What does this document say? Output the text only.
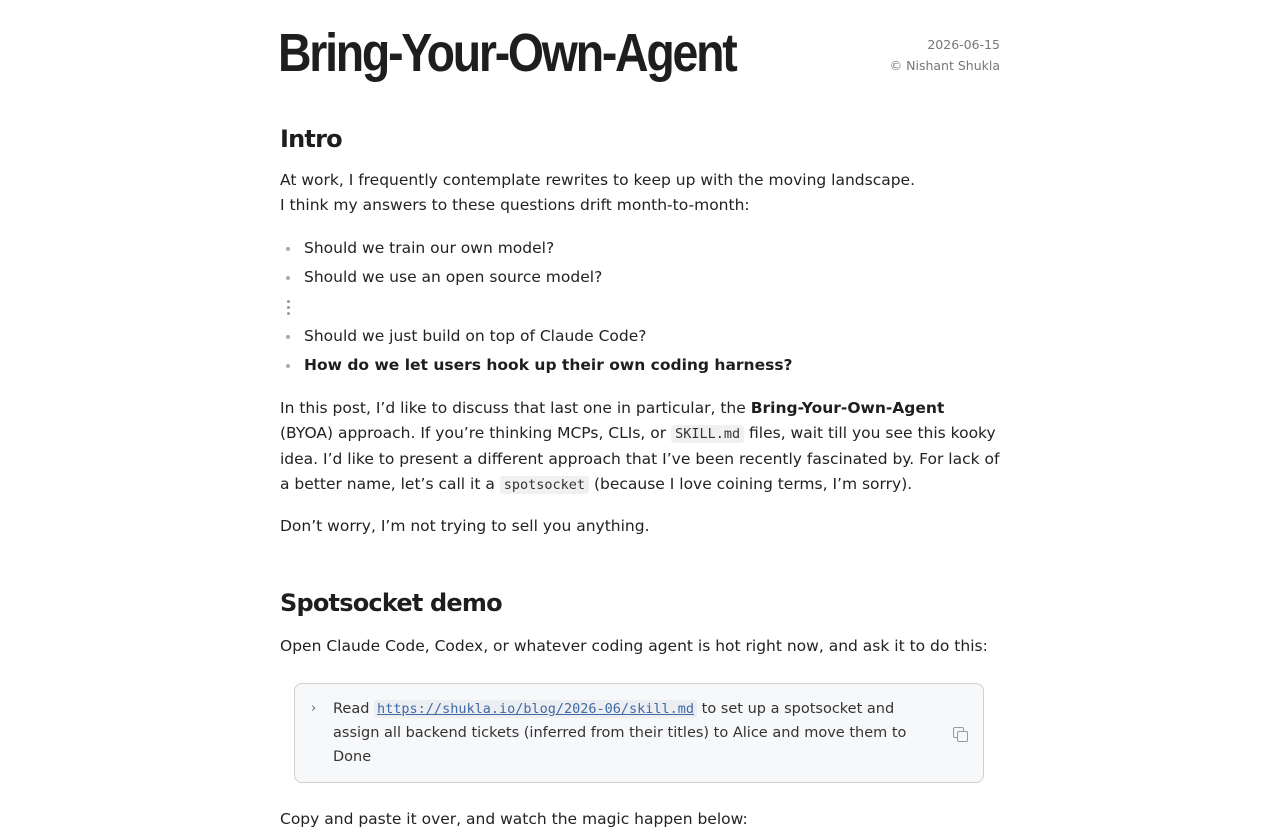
Bring-Your-Own-Agent	2026-06-15
© Nishant Shukla
Intro

At work, I frequently contemplate rewrites to keep up with the moving landscape.
I think my answers to these questions drift month-to-month:

Should we train our own model?
Should we use an open source model?
Should we just build on top of Claude Code?
How do we let users hook up their own coding harness?

In this post, I’d like to discuss that last one in particular, the Bring-Your-Own-Agent (BYOA) approach. If you’re thinking MCPs, CLIs, or SKILL.md files, wait till you see this kooky idea. I’d like to present a different approach that I’ve been recently fascinated by. For lack of a better name, let’s call it a spotsocket (because I love coining terms, I’m sorry).

Don’t worry, I’m not trying to sell you anything.

Spotsocket demo

Open Claude Code, Codex, or whatever coding agent is hot right now, and ask it to do this:

› Read https://shukla.io/blog/2026-06/skill.md to set up a spotsocket and assign all backend tickets (inferred from their titles) to Alice and move them to Done

Copy and paste it over, and watch the magic happen below:
